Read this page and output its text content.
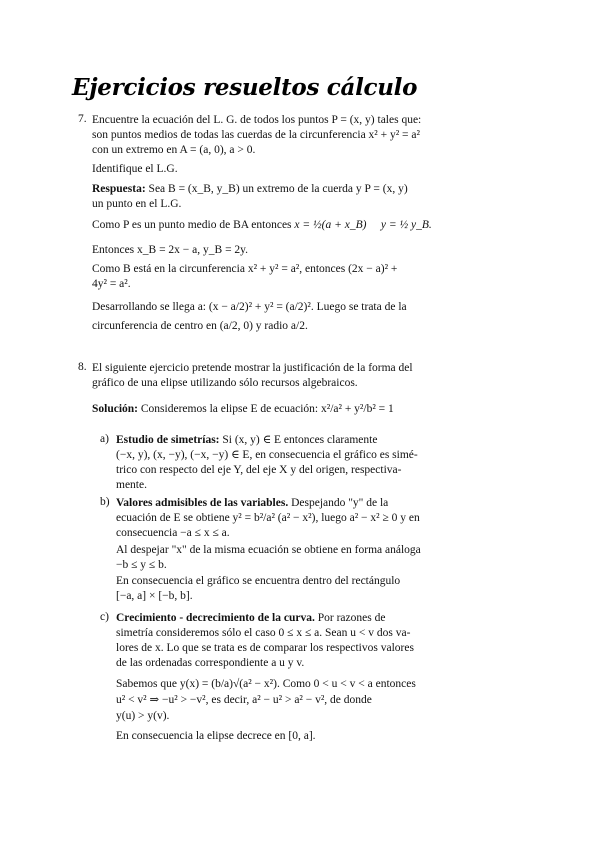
Ejercicios resueltos cálculo
7. Encuentre la ecuación del L. G. de todos los puntos P = (x, y) tales que:
son puntos medios de todas las cuerdas de la circunferencia x² + y² = a²
con un extremo en A = (a, 0), a > 0.
Identifique el L.G.
Respuesta: Sea B = (x_B, y_B) un extremo de la cuerda y P = (x, y)
un punto en el L.G.
Como P es un punto medio de BA entonces x = ½(a + x_B) y = ½ y_B.
Entonces x_B = 2x − a, y_B = 2y.
Como B está en la circunferencia x² + y² = a², entonces (2x − a)² +
4y² = a².
Desarrollando se llega a: (x − a/2)² + y² = (a/2)². Luego se trata de la
circunferencia de centro en (a/2, 0) y radio a/2.
8. El siguiente ejercicio pretende mostrar la justificación de la forma del
gráfico de una elipse utilizando sólo recursos algebraicos.
Solución: Consideremos la elipse E de ecuación: x²/a² + y²/b² = 1
a) Estudio de simetrías: Si (x, y) ∈ E entonces claramente
(−x, y), (x, −y), (−x, −y) ∈ E, en consecuencia el gráfico es simé-
trico con respecto del eje Y, del eje X y del origen, respectiva-
mente.
b) Valores admisibles de las variables. Despejando "y" de la
ecuación de E se obtiene y² = b²/a² (a² − x²), luego a² − x² ≥ 0 y en
consecuencia −a ≤ x ≤ a.
Al despejar "x" de la misma ecuación se obtiene en forma análoga
−b ≤ y ≤ b.
En consecuencia el gráfico se encuentra dentro del rectángulo
[−a, a] × [−b, b].
c) Crecimiento - decrecimiento de la curva. Por razones de
simetría consideremos sólo el caso 0 ≤ x ≤ a. Sean u < v dos va-
lores de x. Lo que se trata es de comparar los respectivos valores
de las ordenadas correspondiente a u y v.
Sabemos que y(x) = (b/a)√(a² − x²). Como 0 < u < v < a entonces
u² < v² ⇒ −u² > −v², es decir, a² − u² > a² − v², de donde
y(u) > y(v).
En consecuencia la elipse decrece en [0, a].
